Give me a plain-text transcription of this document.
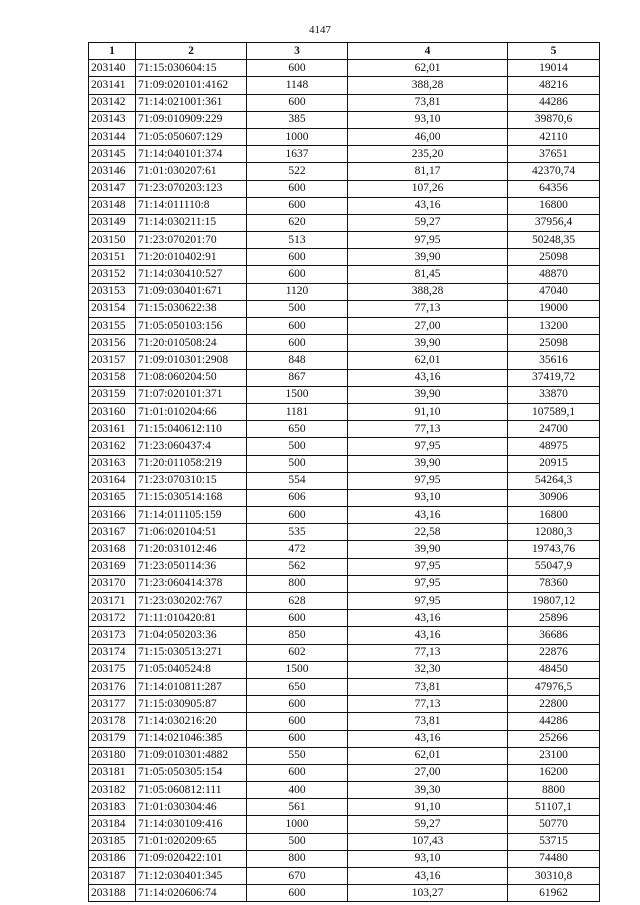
4147
1	2	3	4	5
203140	71:15:030604:15	600	62,01	19014
203141	71:09:020101:4162	1148	388,28	48216
203142	71:14:021001:361	600	73,81	44286
203143	71:09:010909:229	385	93,10	39870,6
203144	71:05:050607:129	1000	46,00	42110
203145	71:14:040101:374	1637	235,20	37651
203146	71:01:030207:61	522	81,17	42370,74
203147	71:23:070203:123	600	107,26	64356
203148	71:14:011110:8	600	43,16	16800
203149	71:14:030211:15	620	59,27	37956,4
203150	71:23:070201:70	513	97,95	50248,35
203151	71:20:010402:91	600	39,90	25098
203152	71:14:030410:527	600	81,45	48870
203153	71:09:030401:671	1120	388,28	47040
203154	71:15:030622:38	500	77,13	19000
203155	71:05:050103:156	600	27,00	13200
203156	71:20:010508:24	600	39,90	25098
203157	71:09:010301:2908	848	62,01	35616
203158	71:08:060204:50	867	43,16	37419,72
203159	71:07:020101:371	1500	39,90	33870
203160	71:01:010204:66	1181	91,10	107589,1
203161	71:15:040612:110	650	77,13	24700
203162	71:23:060437:4	500	97,95	48975
203163	71:20:011058:219	500	39,90	20915
203164	71:23:070310:15	554	97,95	54264,3
203165	71:15:030514:168	606	93,10	30906
203166	71:14:011105:159	600	43,16	16800
203167	71:06:020104:51	535	22,58	12080,3
203168	71:20:031012:46	472	39,90	19743,76
203169	71:23:050114:36	562	97,95	55047,9
203170	71:23:060414:378	800	97,95	78360
203171	71:23:030202:767	628	97,95	19807,12
203172	71:11:010420:81	600	43,16	25896
203173	71:04:050203:36	850	43,16	36686
203174	71:15:030513:271	602	77,13	22876
203175	71:05:040524:8	1500	32,30	48450
203176	71:14:010811:287	650	73,81	47976,5
203177	71:15:030905:87	600	77,13	22800
203178	71:14:030216:20	600	73,81	44286
203179	71:14:021046:385	600	43,16	25266
203180	71:09:010301:4882	550	62,01	23100
203181	71:05:050305:154	600	27,00	16200
203182	71:05:060812:111	400	39,30	8800
203183	71:01:030304:46	561	91,10	51107,1
203184	71:14:030109:416	1000	59,27	50770
203185	71:01:020209:65	500	107,43	53715
203186	71:09:020422:101	800	93,10	74480
203187	71:12:030401:345	670	43,16	30310,8
203188	71:14:020606:74	600	103,27	61962
